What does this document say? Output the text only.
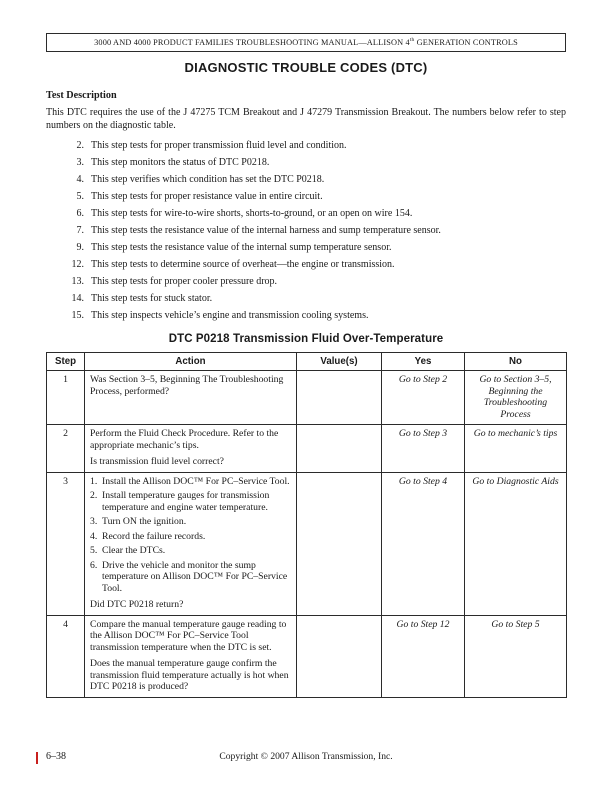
3000 AND 4000 PRODUCT FAMILIES TROUBLESHOOTING MANUAL—ALLISON 4th GENERATION CONTROLS
DIAGNOSTIC TROUBLE CODES (DTC)
Test Description

This DTC requires the use of the J 47275 TCM Breakout and J 47279 Transmission Breakout. The numbers below refer to step numbers on the diagnostic table.

2. This step tests for proper transmission fluid level and condition.
3. This step monitors the status of DTC P0218.
4. This step verifies which condition has set the DTC P0218.
5. This step tests for proper resistance value in entire circuit.
6. This step tests for wire-to-wire shorts, shorts-to-ground, or an open on wire 154.
7. This step tests the resistance value of the internal harness and sump temperature sensor.
9. This step tests the resistance value of the internal sump temperature sensor.
12. This step tests to determine source of overheat—the engine or transmission.
13. This step tests for proper cooler pressure drop.
14. This step tests for stuck stator.
15. This step inspects vehicle’s engine and transmission cooling systems.
DTC P0218 Transmission Fluid Over-Temperature
Step	Action	Value(s)	Yes	No
1	Was Section 3–5, Beginning The Troubleshooting Process, performed?		Go to Step 2	Go to Section 3–5, Beginning the Troubleshooting Process
2	Perform the Fluid Check Procedure. Refer to the appropriate mechanic’s tips.

Is transmission fluid level correct?		Go to Step 3	Go to mechanic’s tips
3	1. Install the Allison DOC™ For PC–Service Tool.
2. Install temperature gauges for transmission temperature and engine water temperature.
3. Turn ON the ignition.
4. Record the failure records.
5. Clear the DTCs.
6. Drive the vehicle and monitor the sump temperature on Allison DOC™ For PC–Service Tool.

Did DTC P0218 return?

		Go to Step 4	Go to Diagnostic Aids
4	Compare the manual temperature gauge reading to the Allison DOC™ For PC–Service Tool transmission temperature when the DTC is set.

Does the manual temperature gauge confirm the transmission fluid temperature actually is hot when DTC P0218 is produced?		Go to Step 12	Go to Step 5
6–38	Copyright © 2007 Allison Transmission, Inc.
